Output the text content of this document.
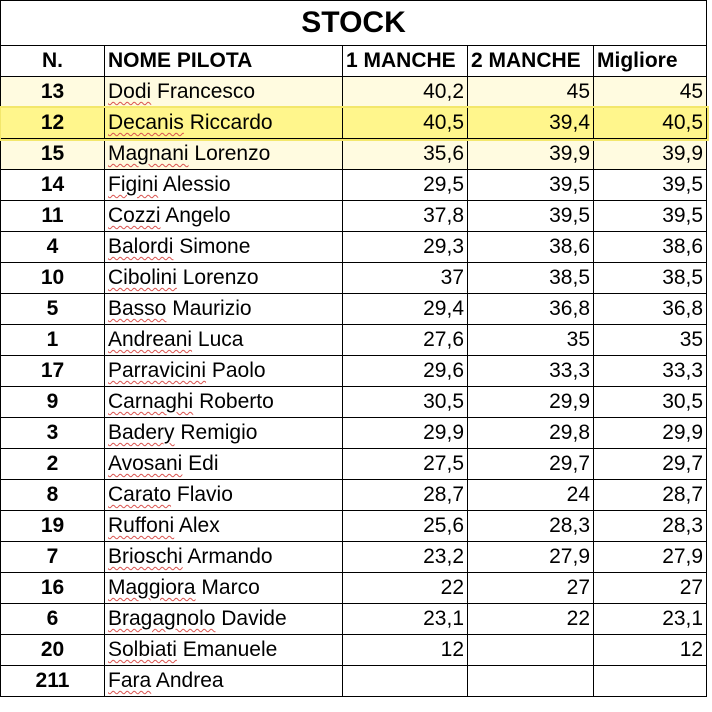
STOCK				
N.	NOME PILOTA	1 MANCHE	2 MANCHE	Migliore
13	Dodi Francesco	40,2	45	45
12	Decanis Riccardo	40,5	39,4	40,5
15	Magnani Lorenzo	35,6	39,9	39,9
14	Figini Alessio	29,5	39,5	39,5
11	Cozzi Angelo	37,8	39,5	39,5
4	Balordi Simone	29,3	38,6	38,6
10	Cibolini Lorenzo	37	38,5	38,5
5	Basso Maurizio	29,4	36,8	36,8
1	Andreani Luca	27,6	35	35
17	Parravicini Paolo	29,6	33,3	33,3
9	Carnaghi Roberto	30,5	29,9	30,5
3	Badery Remigio	29,9	29,8	29,9
2	Avosani Edi	27,5	29,7	29,7
8	Carato Flavio	28,7	24	28,7
19	Ruffoni Alex	25,6	28,3	28,3
7	Brioschi Armando	23,2	27,9	27,9
16	Maggiora Marco	22	27	27
6	Bragagnolo Davide	23,1	22	23,1
20	Solbiati Emanuele	12		12
211	Fara Andrea			
